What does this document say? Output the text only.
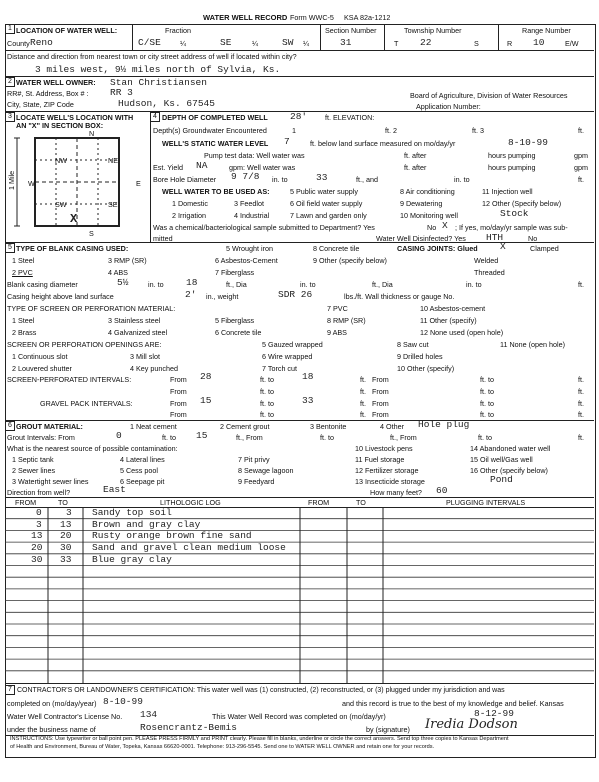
WATER WELL RECORD Form WWC-5 KSA 82a-1212
1 LOCATION OF WATER WELL:
County Reno
Fraction
C/SE	¼	SE	¼	SW ¼
Section Number
31
Township Number
T 22	S
Range Number
R 10	E/W
Distance and direction from nearest town or city street address of well if located within city?
3 miles west, 9½ miles north of Sylvia, Ks.
2 WATER WELL OWNER: Stan Christiansen
RR#, St. Address, Box # : RR 3	Board of Agriculture, Division of Water Resources
City, State, ZIP Code	Hudson, Ks. 67545	Application Number:
3 LOCATE WELL'S LOCATION WITH
AN "X" IN SECTION BOX:
N
S
W	E
NW	NE
SW	SE
1 Mile
X
4 DEPTH OF COMPLETED WELL 28' ft. ELEVATION:
Depth(s) Groundwater Encountered	1	ft. 2	ft. 3	ft.
WELL'S STATIC WATER LEVEL 7	ft. below land surface measured on mo/day/yr	8-10-99
Pump test data: Well water was	ft. after	hours pumping	gpm
Est. Yield NA	gpm: Well water was	ft. after	hours pumping	gpm
Bore Hole Diameter 9 7/8 in. to	33	ft., and	in. to	ft.
WELL WATER TO BE USED AS:	5 Public water supply	8 Air conditioning	11 Injection well
1 Domestic	3 Feedlot	6 Oil field water supply	9 Dewatering	12 Other (Specify below)
2 Irrigation	4 Industrial	7 Lawn and garden only	10 Monitoring well	Stock
Was a chemical/bacteriological sample submitted to Department? Yes	No X ; If yes, mo/day/yr sample was sub-
mitted	Water Well Disinfected? Yes HTH	No
5 TYPE OF BLANK CASING USED:	5 Wrought iron	8 Concrete tile	CASING JOINTS: Glued X	Clamped
1 Steel	3 RMP (SR)	6 Asbestos-Cement	9 Other (specify below)	Welded
2 PVC	4 ABS	7 Fiberglass	Threaded
Blank casing diameter	5½	in. to 18	ft., Dia	in. to	ft., Dia	in. to	ft.
Casing height above land surface	2' in., weight	SDR 26	lbs./ft. Wall thickness or gauge No.
TYPE OF SCREEN OR PERFORATION MATERIAL:	7 PVC	10 Asbestos-cement
1 Steel	3 Stainless steel	5 Fiberglass	8 RMP (SR)	11 Other (specify)
2 Brass	4 Galvanized steel	6 Concrete tile	9 ABS	12 None used (open hole)
SCREEN OR PERFORATION OPENINGS ARE:	5 Gauzed wrapped	8 Saw cut	11 None (open hole)
1 Continuous slot	3 Mill slot	6 Wire wrapped	9 Drilled holes
2 Louvered shutter	4 Key punched	7 Torch cut	10 Other (specify)
SCREEN-PERFORATED INTERVALS:	From 28	ft. to	18	ft. From	ft. to	ft.
From	ft. to	ft. From	ft. to	ft.
GRAVEL PACK INTERVALS:	From 15	ft. to	33	ft. From	ft. to	ft.
From	ft. to	ft. From	ft. to	ft.
6 GROUT MATERIAL:	1 Neat cement	2 Cement grout	3 Bentonite	4 Other Hole plug
Grout Intervals: From	0	ft. to 15	ft., From	ft. to	ft., From	ft. to	ft.
What is the nearest source of possible contamination:	10 Livestock pens	14 Abandoned water well
1 Septic tank	4 Lateral lines	7 Pit privy	11 Fuel storage	15 Oil well/Gas well
2 Sewer lines	5 Cess pool	8 Sewage lagoon	12 Fertilizer storage	16 Other (specify below)
3 Watertight sewer lines	6 Seepage pit	9 Feedyard	13 Insecticide storage	Pond
Direction from well?	East	How many feet? 60
FROM	TO	LITHOLOGIC LOG	FROM	TO	PLUGGING INTERVALS
0	3 Sandy top soil
3 13 Brown and gray clay
13 20 Rusty orange brown fine sand
20 30 Sand and gravel clean medium loose
30 33 Blue gray clay
7 CONTRACTOR'S OR LANDOWNER'S CERTIFICATION: This water well was (1) constructed, (2) reconstructed, or (3) plugged under my jurisdiction and was
completed on (mo/day/year) 8-10-99	and this record is true to the best of my knowledge and belief. Kansas
Water Well Contractor's License No. 134	This Water Well Record was completed on (mo/day/yr)	8-12-99
under the business name of	Rosencrantz-Bemis	by (signature) Iredia Dodson
INSTRUCTIONS: Use typewriter or ball point pen. PLEASE PRESS FIRMLY and PRINT clearly. Please fill in blanks, underline or circle the correct answers. Send top three copies to Kansas Department
of Health and Environment, Bureau of Water, Topeka, Kansas 66620-0001. Telephone: 913-296-5545. Send one to WATER WELL OWNER and retain one for your records.
